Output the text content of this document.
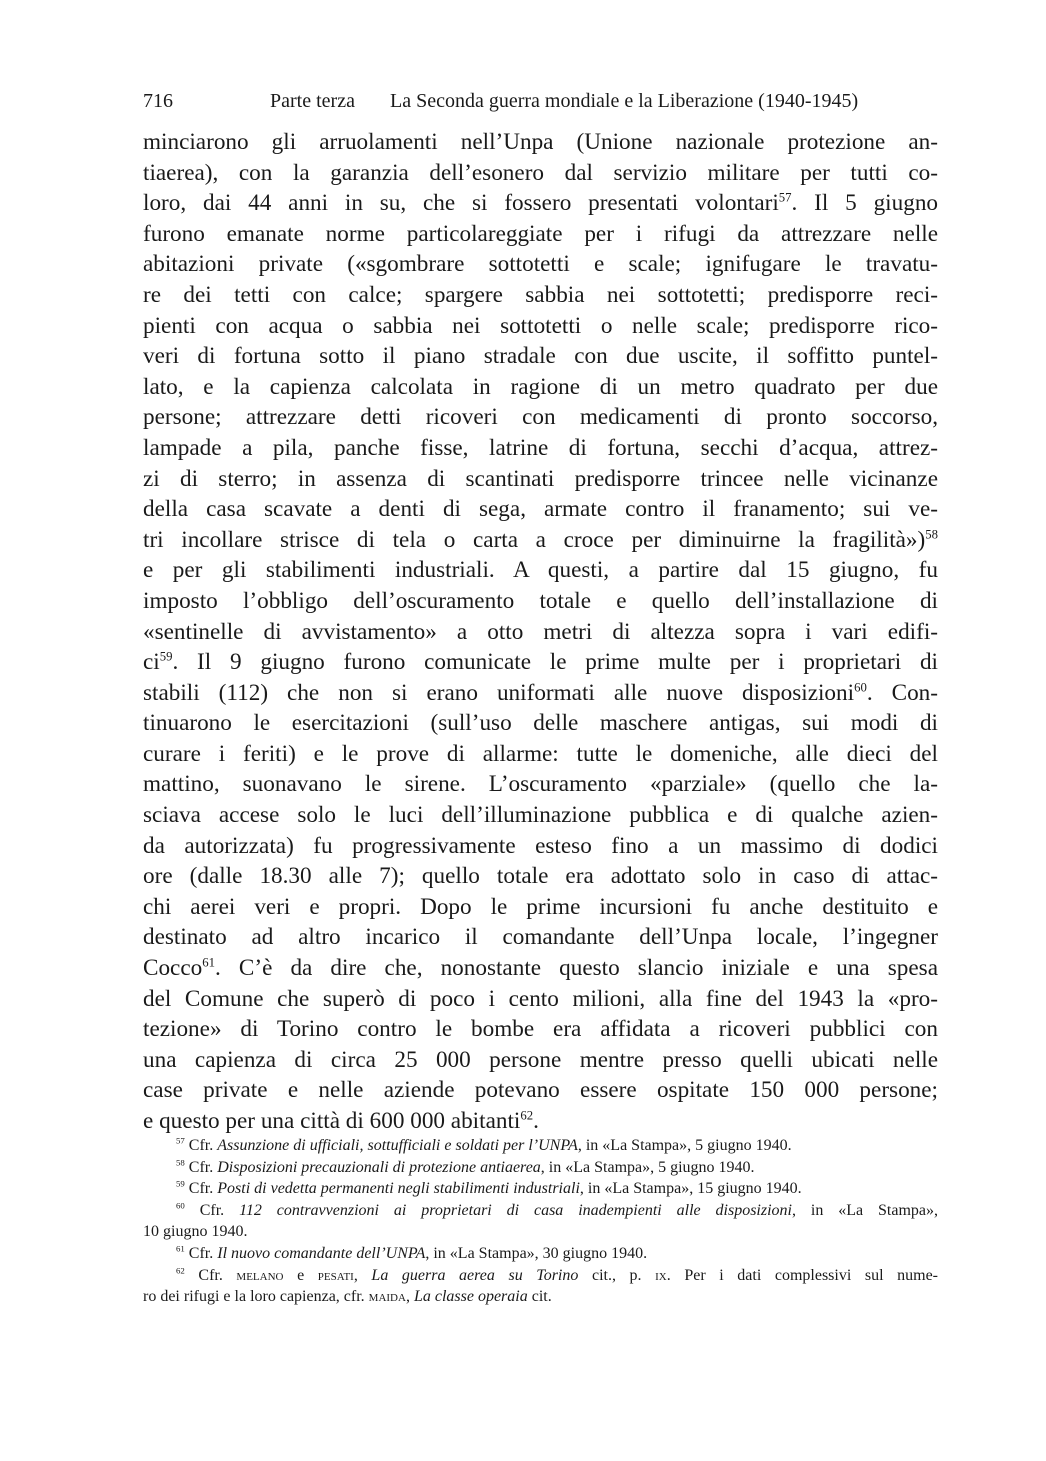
716	Parte terza La Seconda guerra mondiale e la Liberazione (1940-1945)
minciarono gli arruolamenti nell’Unpa (Unione nazionale protezione an-
tiaerea), con la garanzia dell’esonero dal servizio militare per tutti co-
loro, dai 44 anni in su, che si fossero presentati volontari$^{57}$. Il 5 giugno
furono emanate norme particolareggiate per i rifugi da attrezzare nelle
abitazioni private («sgombrare sottotetti e scale; ignifugare le travatu-
re dei tetti con calce; spargere sabbia nei sottotetti; predisporre reci-
pienti con acqua o sabbia nei sottotetti o nelle scale; predisporre rico-
veri di fortuna sotto il piano stradale con due uscite, il soffitto puntel-
lato, e la capienza calcolata in ragione di un metro quadrato per due
persone; attrezzare detti ricoveri con medicamenti di pronto soccorso,
lampade a pila, panche fisse, latrine di fortuna, secchi d’acqua, attrez-
zi di sterro; in assenza di scantinati predisporre trincee nelle vicinanze
della casa scavate a denti di sega, armate contro il franamento; sui ve-
tri incollare strisce di tela o carta a croce per diminuirne la fragilità»)$^{58}$
e per gli stabilimenti industriali. A questi, a partire dal 15 giugno, fu
imposto l’obbligo dell’oscuramento totale e quello dell’installazione di
«sentinelle di avvistamento» a otto metri di altezza sopra i vari edifi-
$ci^{59}$. Il 9 giugno furono comunicate le prime multe per i proprietari di
stabili (112) che non si erano uniformati alle nuove disposizioni$^{60}$. Con-
tinuarono le esercitazioni (sull’uso delle maschere antigas, sui modi di
curare i feriti) e le prove di allarme: tutte le domeniche, alle dieci del
mattino, suonavano le sirene. L’oscuramento «parziale» (quello che la-
sciava accese solo le luci dell’illuminazione pubblica e di qualche azien-
da autorizzata) fu progressivamente esteso fino a un massimo di dodici
ore (dalle 18.30 alle 7); quello totale era adottato solo in caso di attac-
chi aerei veri e propri. Dopo le prime incursioni fu anche destituito e
destinato ad altro incarico il comandante dell’Unpa locale, l’ingegner
Cocco$^{61}$. C’è da dire che, nonostante questo slancio iniziale e una spesa
del Comune che superò di poco i cento milioni, alla fine del 1943 la «pro-
tezione» di Torino contro le bombe era affidata a ricoveri pubblici con
una capienza di circa 25 000 persone mentre presso quelli ubicati nelle
case private e nelle aziende potevano essere ospitate 150 000 persone;
e questo per una città di 600 000 abitanti$^{62}$.
$^{57}$ Cfr. Assunzione di ufficiali, sottufficiali e soldati per l’UNPA, in «La Stampa», 5 giugno 1940.
$^{58}$ Cfr. Disposizioni precauzionali di protezione antiaerea, in «La Stampa», 5 giugno 1940.
$^{59}$ Cfr. Posti di vedetta permanenti negli stabilimenti industriali, in «La Stampa», 15 giugno 1940.
$^{60}$ Cfr. 112 contravvenzioni ai proprietari di casa inadempienti alle disposizioni, in «La Stampa»,
10 giugno 1940.
$^{61}$ Cfr. Il nuovo comandante dell’UNPA, in «La Stampa», 30 giugno 1940.
$^{62}$ Cfr. melano e pesati, La guerra aerea su Torino cit., p. ix. Per i dati complessivi sul nume-
ro dei rifugi e la loro capienza, cfr. maida, La classe operaia cit.
